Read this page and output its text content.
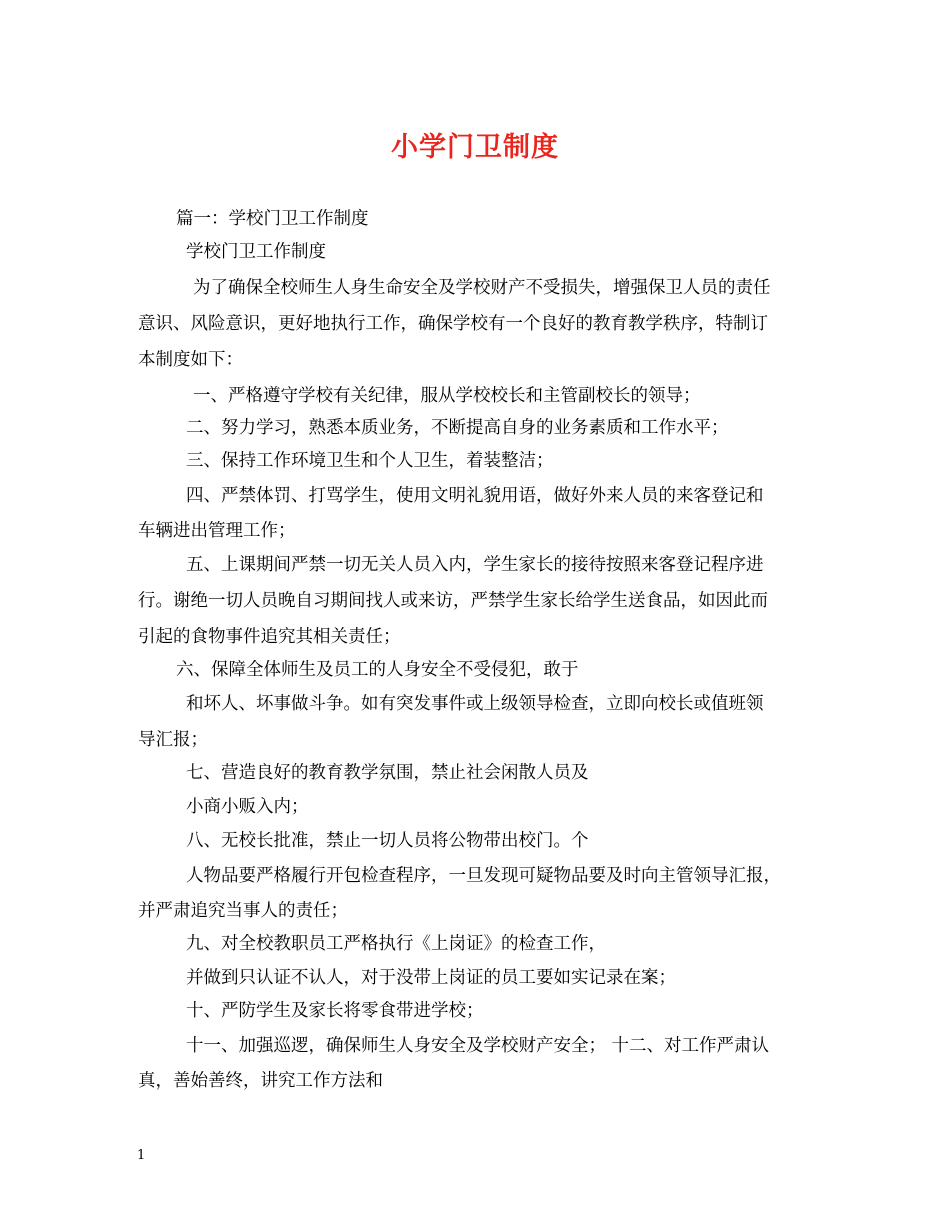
小学门卫制度
篇一：学校门卫工作制度
学校门卫工作制度
为了确保全校师生人身生命安全及学校财产不受损失，增强保卫人员的责任
意识、风险意识，更好地执行工作，确保学校有一个良好的教育教学秩序，特制订
本制度如下：
一、严格遵守学校有关纪律，服从学校校长和主管副校长的领导；
二、努力学习，熟悉本质业务，不断提高自身的业务素质和工作水平；
三、保持工作环境卫生和个人卫生，着装整洁；
四、严禁体罚、打骂学生，使用文明礼貌用语，做好外来人员的来客登记和
车辆进出管理工作；
五、上课期间严禁一切无关人员入内，学生家长的接待按照来客登记程序进
行。谢绝一切人员晚自习期间找人或来访，严禁学生家长给学生送食品，如因此而
引起的食物事件追究其相关责任；
六、保障全体师生及员工的人身安全不受侵犯，敢于
和坏人、坏事做斗争。如有突发事件或上级领导检查，立即向校长或值班领
导汇报；
七、营造良好的教育教学氛围，禁止社会闲散人员及
小商小贩入内；
八、无校长批准，禁止一切人员将公物带出校门。个
人物品要严格履行开包检查程序，一旦发现可疑物品要及时向主管领导汇报，
并严肃追究当事人的责任；
九、对全校教职员工严格执行《上岗证》的检查工作，
并做到只认证不认人，对于没带上岗证的员工要如实记录在案；
十、严防学生及家长将零食带进学校；
十一、加强巡逻，确保师生人身安全及学校财产安全； 十二、对工作严肃认
真，善始善终，讲究工作方法和
1
